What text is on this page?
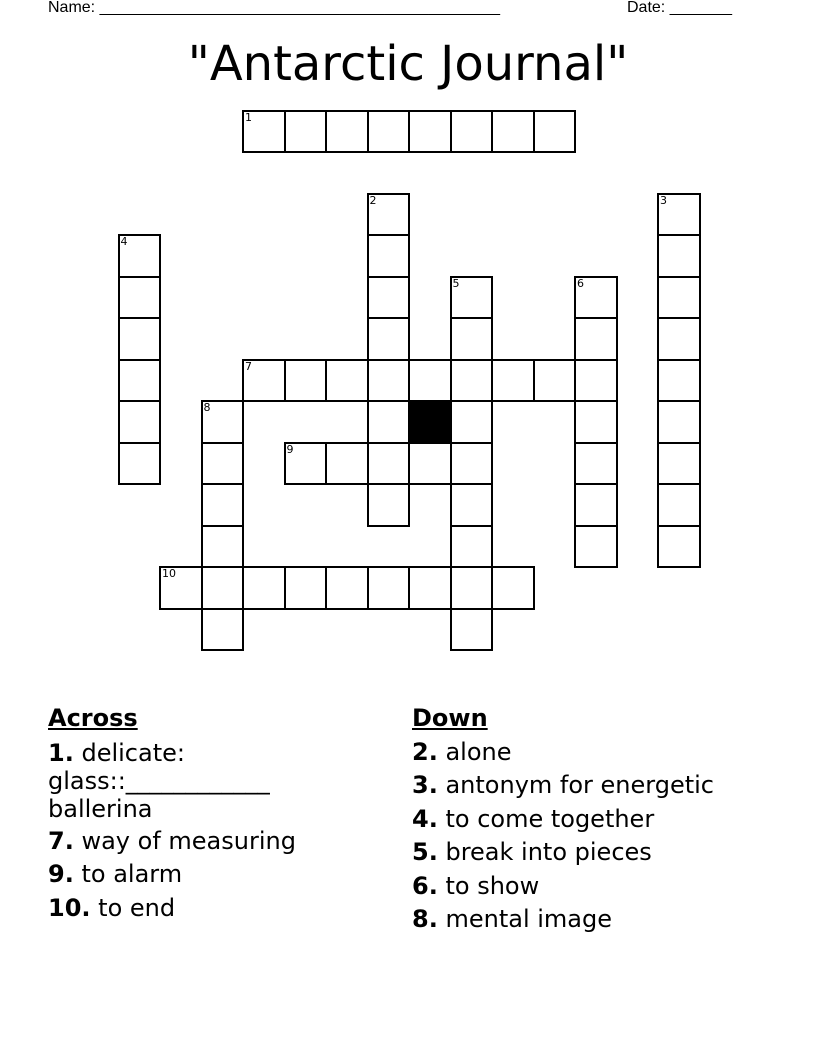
Name: _____________________________________________	Date: _______
"Antarctic Journal"
1
2	3
4
5	6
7
8
9
10
Across
1. delicate: glass::____________ ballerina
7. way of measuring
9. to alarm
10. to end
Down
2. alone
3. antonym for energetic
4. to come together
5. break into pieces
6. to show
8. mental image
